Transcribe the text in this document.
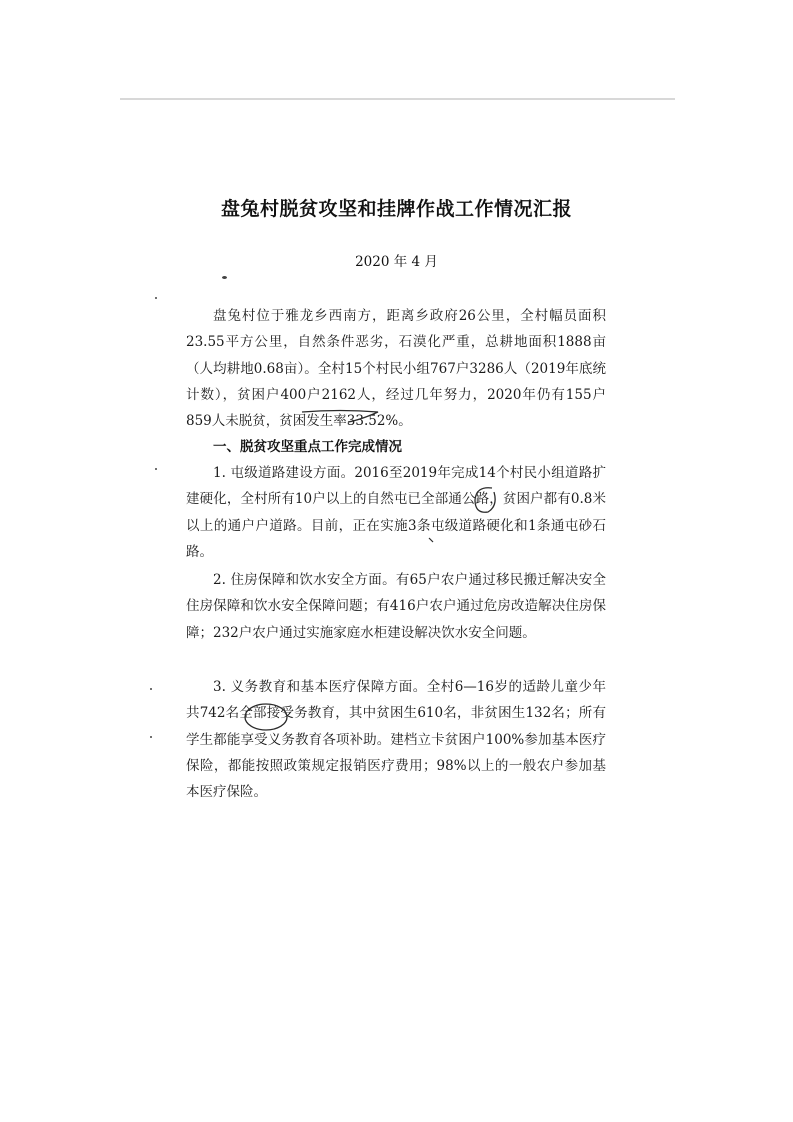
盘兔村脱贫攻坚和挂牌作战工作情况汇报
2020 年 4 月

盘兔村位于雅龙乡西南方，距离乡政府26公里，全村幅员面积23.55平方公里，自然条件恶劣，石漠化严重，总耕地面积1888亩（人均耕地0.68亩）。全村15个村民小组767户3286人（2019年底统计数），贫困户400户2162人，经过几年努力，2020年仍有155户859人未脱贫，贫困发生率33.52%。

一、脱贫攻坚重点工作完成情况

1. 屯级道路建设方面。2016至2019年完成14个村民小组道路扩建硬化，全村所有10户以上的自然屯已全部通公路，贫困户都有0.8米以上的通户户道路。目前，正在实施3条屯级道路硬化和1条通屯砂石路。

2. 住房保障和饮水安全方面。有65户农户通过移民搬迁解决安全住房保障和饮水安全保障问题；有416户农户通过危房改造解决住房保障；232户农户通过实施家庭水柜建设解决饮水安全问题。

3. 义务教育和基本医疗保障方面。全村6—16岁的适龄儿童少年共742名全部接受务教育，其中贫困生610名，非贫困生132名；所有学生都能享受义务教育各项补助。建档立卡贫困户100%参加基本医疗保险，都能按照政策规定报销医疗费用；98%以上的一般农户参加基本医疗保险。
